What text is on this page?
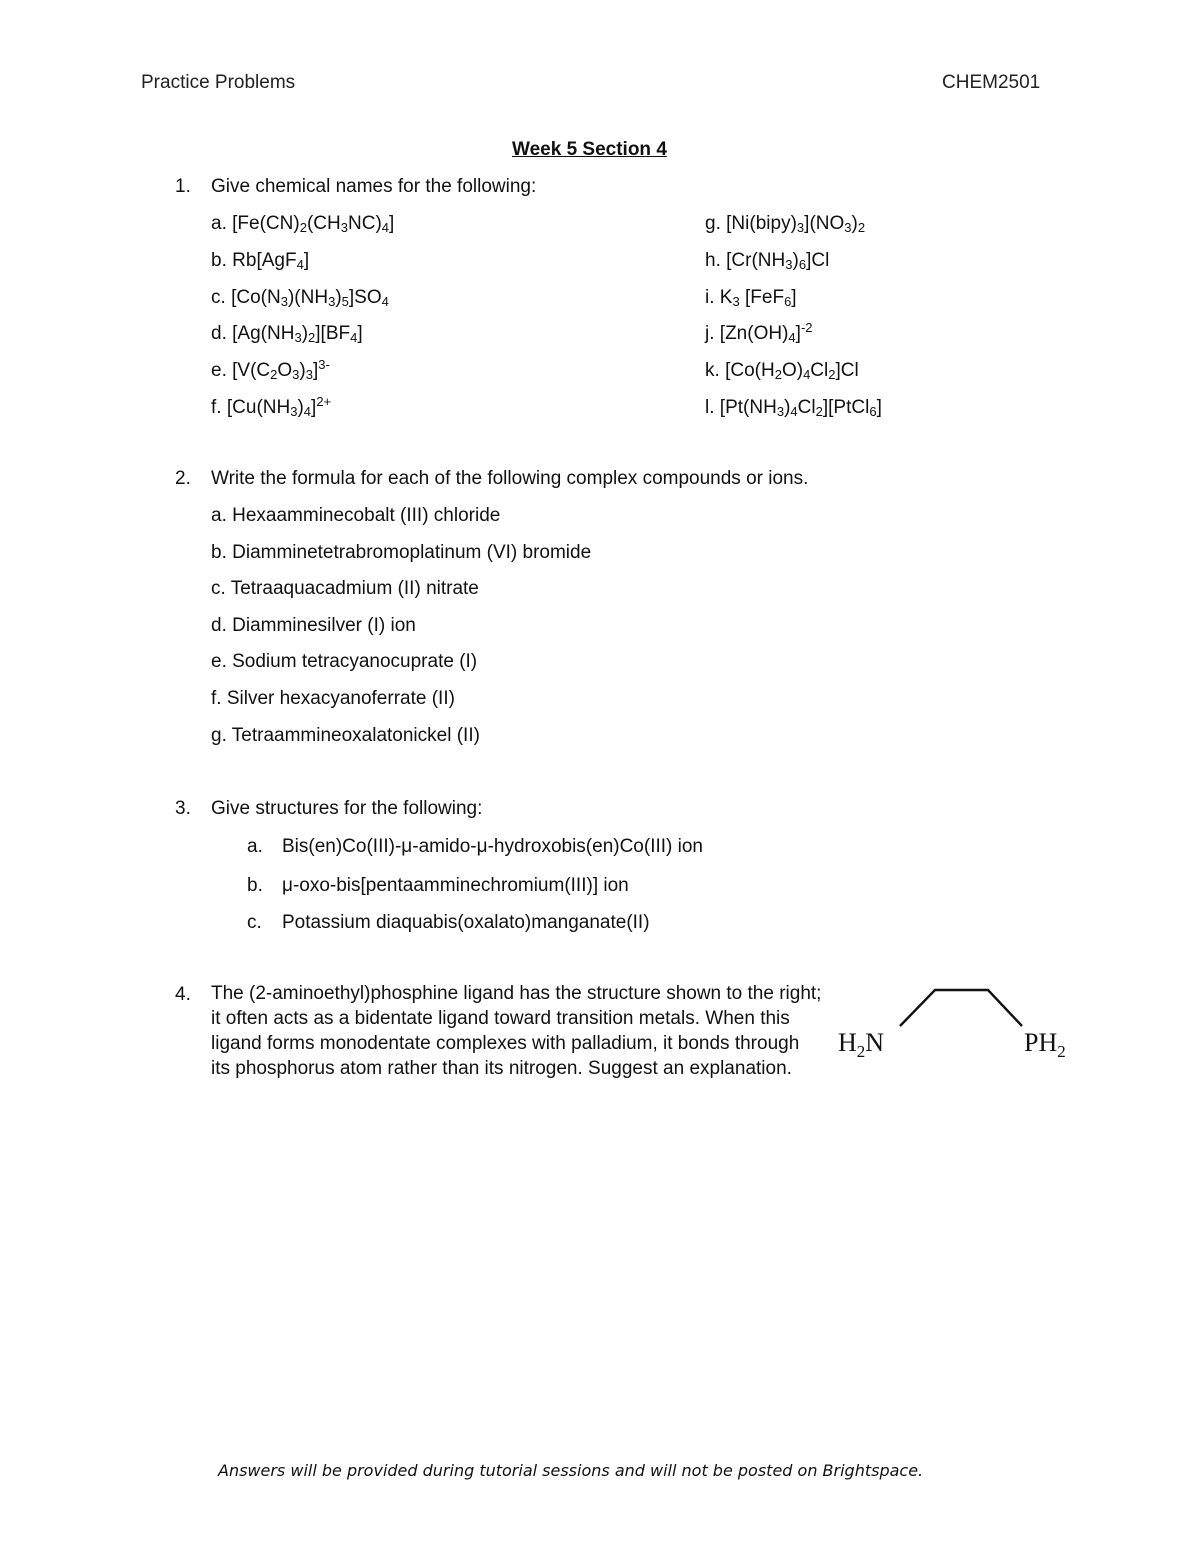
Practice Problems	CHEM2501
Week 5 Section 4
1. Give chemical names for the following:
a. $[Fe(CN)_2(CH_3NC)_4]$
b. Rb[AgF$_4$]
c. $[Co(N_3)(NH_3)_5]SO_4$
d. $[Ag(NH_3)_2][BF_4]$
e. $[V(C_2O_3)_3]^{3-}$
f. $[Cu(NH_3)_4]^{2+}$
g. $[Ni(bipy)_3](NO_3)_2$
h. $[Cr(NH_3)_6]Cl$
i. $K_3$ [FeF$_6$]
j. $[Zn(OH)_4]^{-2}$
k. $[Co(H_2O)_4Cl_2]Cl$
l. $[Pt(NH_3)_4Cl_2][PtCl_6]$
2. Write the formula for each of the following complex compounds or ions.
a. Hexaamminecobalt (III) chloride
b. Diamminetetrabromoplatinum (VI) bromide
c. Tetraaquacadmium (II) nitrate
d. Diamminesilver (I) ion
e. Sodium tetracyanocuprate (I)
f. Silver hexacyanoferrate (II)
g. Tetraammineoxalatonickel (II)
3. Give structures for the following:
a. Bis(en)Co(III)-μ-amido-μ-hydroxobis(en)Co(III) ion
b. μ-oxo-bis[pentaamminechromium(III)] ion
c. Potassium diaquabis(oxalato)manganate(II)
4. The (2-aminoethyl)phosphine ligand has the structure shown to the right; it often acts as a bidentate ligand toward transition metals. When this ligand forms monodentate complexes with palladium, it bonds through its phosphorus atom rather than its nitrogen. Suggest an explanation.
$H_2N$	$PH_2$
Answers will be provided during tutorial sessions and will not be posted on Brightspace.
